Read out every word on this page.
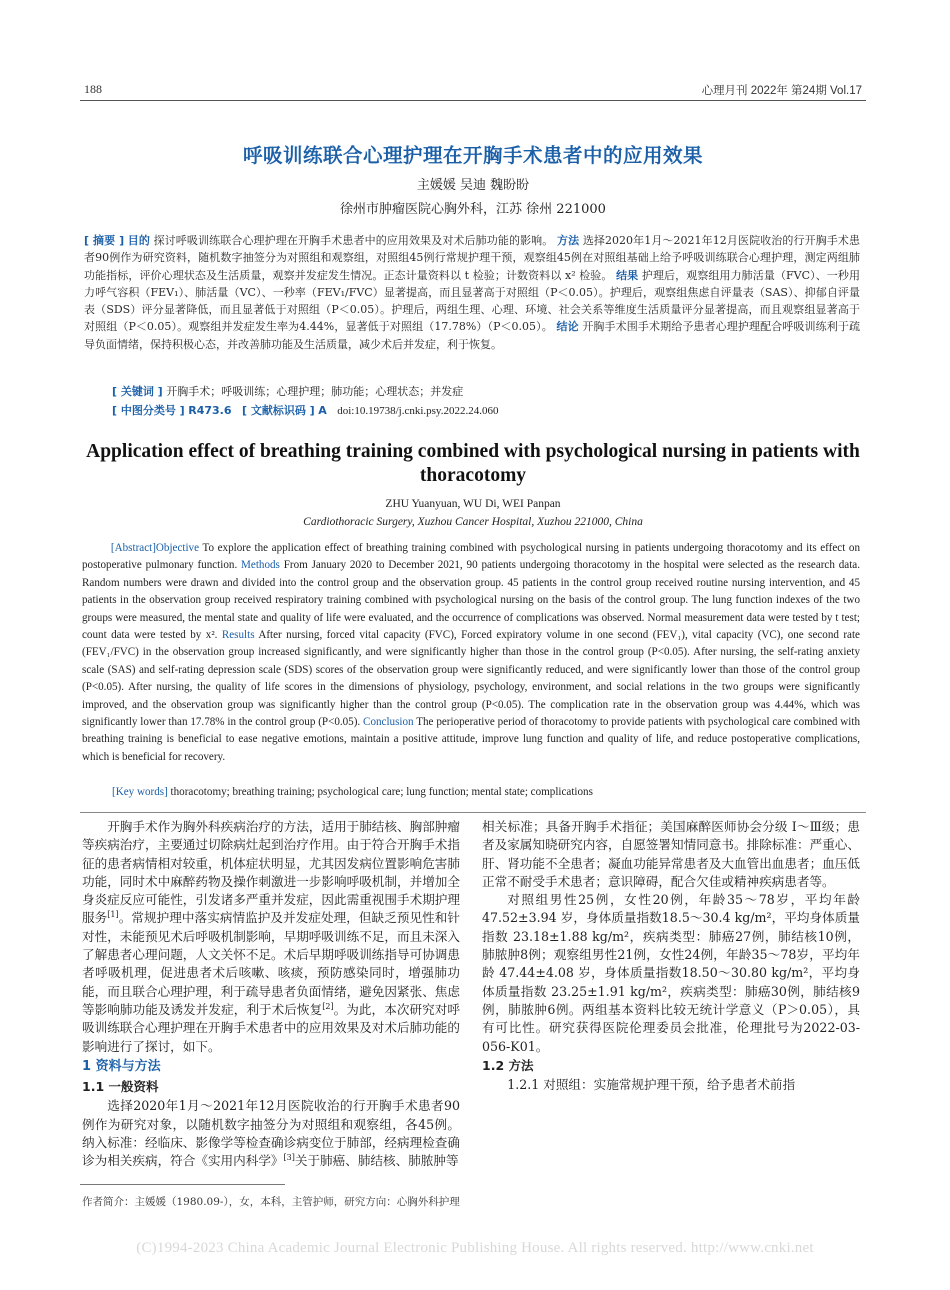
188	心理月刊 2022年 第24期 Vol.17
呼吸训练联合心理护理在开胸手术患者中的应用效果
主媛媛 吴迪 魏盼盼
徐州市肿瘤医院心胸外科，江苏 徐州 221000
[ 摘要 ] 目的 探讨呼吸训练联合心理护理在开胸手术患者中的应用效果及对术后肺功能的影响。 方法 选择2020年1月～2021年12月医院收治的行开胸手术患者90例作为研究资料，随机数字抽签分为对照组和观察组，对照组45例行常规护理干预，观察组45例在对照组基础上给予呼吸训练联合心理护理，测定两组肺功能指标，评价心理状态及生活质量，观察并发症发生情况。正态计量资料以 t 检验；计数资料以 x² 检验。 结果 护理后，观察组用力肺活量（FVC）、一秒用力呼气容积（FEV₁）、肺活量（VC）、一秒率（FEV₁/FVC）显著提高，而且显著高于对照组（P＜0.05）。护理后，观察组焦虑自评量表（SAS）、抑郁自评量表（SDS）评分显著降低，而且显著低于对照组（P＜0.05）。护理后，两组生理、心理、环境、社会关系等维度生活质量评分显著提高，而且观察组显著高于对照组（P＜0.05）。观察组并发症发生率为4.44%，显著低于对照组（17.78%）（P＜0.05）。 结论 开胸手术围手术期给予患者心理护理配合呼吸训练利于疏导负面情绪，保持积极心态，并改善肺功能及生活质量，减少术后并发症，利于恢复。
[ 关键词 ] 开胸手术；呼吸训练；心理护理；肺功能；心理状态；并发症
[ 中图分类号 ] R473.6 [ 文献标识码 ] A doi:10.19738/j.cnki.psy.2022.24.060
Application effect of breathing training combined with psychological nursing in patients with thoracotomy
ZHU Yuanyuan, WU Di, WEI Panpan
Cardiothoracic Surgery, Xuzhou Cancer Hospital, Xuzhou 221000, China
[Abstract]Objective To explore the application effect of breathing training combined with psychological nursing in patients undergoing thoracotomy and its effect on postoperative pulmonary function. Methods From January 2020 to December 2021, 90 patients undergoing thoracotomy in the hospital were selected as the research data. Random numbers were drawn and divided into the control group and the observation group. 45 patients in the control group received routine nursing intervention, and 45 patients in the observation group received respiratory training combined with psychological nursing on the basis of the control group. The lung function indexes of the two groups were measured, the mental state and quality of life were evaluated, and the occurrence of complications was observed. Normal measurement data were tested by t test; count data were tested by x². Results After nursing, forced vital capacity (FVC), Forced expiratory volume in one second (FEV₁), vital capacity (VC), one second rate (FEV₁/FVC) in the observation group increased significantly, and were significantly higher than those in the control group (P<0.05). After nursing, the self-rating anxiety scale (SAS) and self-rating depression scale (SDS) scores of the observation group were significantly reduced, and were significantly lower than those of the control group (P<0.05). After nursing, the quality of life scores in the dimensions of physiology, psychology, environment, and social relations in the two groups were significantly improved, and the observation group was significantly higher than the control group (P<0.05). The complication rate in the observation group was 4.44%, which was significantly lower than 17.78% in the control group (P<0.05). Conclusion The perioperative period of thoracotomy to provide patients with psychological care combined with breathing training is beneficial to ease negative emotions, maintain a positive attitude, improve lung function and quality of life, and reduce postoperative complications, which is beneficial for recovery.
[Key words] thoracotomy; breathing training; psychological care; lung function; mental state; complications

开胸手术作为胸外科疾病治疗的方法，适用于肺结核、胸部肿瘤等疾病治疗，主要通过切除病灶起到治疗作用。由于符合开胸手术指征的患者病情相对较重，机体症状明显，尤其因发病位置影响危害肺功能，同时术中麻醉药物及操作刺激进一步影响呼吸机制，并增加全身炎症反应可能性，引发诸多严重并发症，因此需重视围手术期护理服务[1]。常规护理中落实病情监护及并发症处理，但缺乏预见性和针对性，未能预见术后呼吸机制影响，早期呼吸训练不足，而且未深入了解患者心理问题，人文关怀不足。术后早期呼吸训练指导可协调患者呼吸机理，促进患者术后咳嗽、咳痰，预防感染同时，增强肺功能，而且联合心理护理，利于疏导患者负面情绪，避免因紧张、焦虑等影响肺功能及诱发并发症，利于术后恢复[2]。为此，本次研究对呼吸训练联合心理护理在开胸手术患者中的应用效果及对术后肺功能的影响进行了探讨，如下。

1 资料与方法

1.1 一般资料

选择2020年1月～2021年12月医院收治的行开胸手术患者90例作为研究对象，以随机数字抽签分为对照组和观察组，各45例。纳入标准：经临床、影像学等检查确诊病变位于肺部，经病理检查确诊为相关疾病，符合《实用内科学》[3]关于肺癌、肺结核、肺脓肿等

相关标准；具备开胸手术指征；美国麻醉医师协会分级 Ⅰ～Ⅲ级；患者及家属知晓研究内容，自愿签署知情同意书。排除标准：严重心、肝、肾功能不全患者；凝血功能异常患者及大血管出血患者；血压低正常不耐受手术患者；意识障碍，配合欠佳或精神疾病患者等。

对照组男性25例，女性20例，年龄35～78岁，平均年龄 47.52±3.94 岁，身体质量指数18.5～30.4 kg/m²，平均身体质量指数 23.18±1.88 kg/m²，疾病类型：肺癌27例，肺结核10例，肺脓肿8例；观察组男性21例，女性24例，年龄35～78岁，平均年龄 47.44±4.08 岁，身体质量指数18.50～30.80 kg/m²，平均身体质量指数 23.25±1.91 kg/m²，疾病类型：肺癌30例，肺结核9例，肺脓肿6例。两组基本资料比较无统计学意义（P＞0.05），具有可比性。研究获得医院伦理委员会批准，伦理批号为2022-03-056-K01。

1.2 方法

1.2.1 对照组：实施常规护理干预，给予患者术前指

作者简介：主媛媛（1980.09-），女，本科，主管护师，研究方向：心胸外科护理
(C)1994-2023 China Academic Journal Electronic Publishing House. All rights reserved. http://www.cnki.net
